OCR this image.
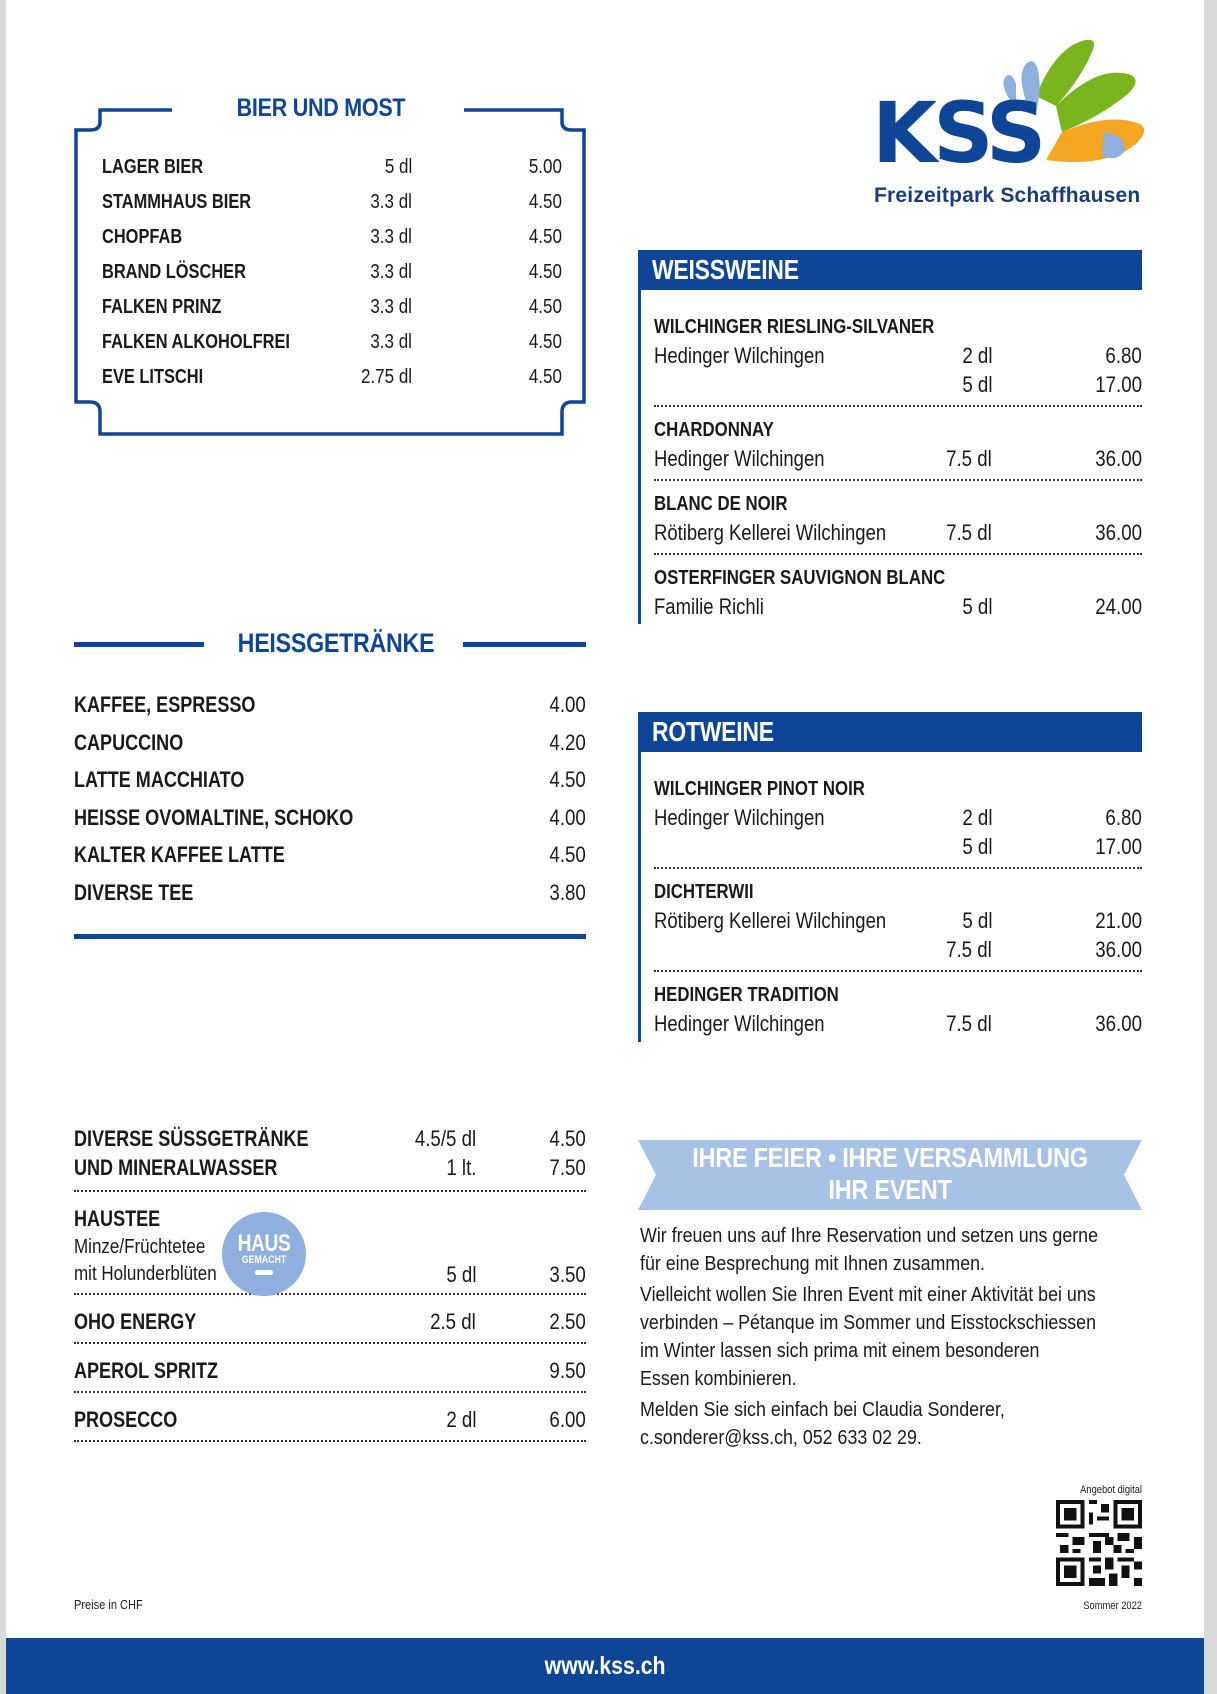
BIER UND MOST
LAGER BIER	5 dl	5.00
STAMMHAUS BIER	3.3 dl	4.50
CHOPFAB	3.3 dl	4.50
BRAND LÖSCHER	3.3 dl	4.50
FALKEN PRINZ	3.3 dl	4.50
FALKEN ALKOHOLFREI	3.3 dl	4.50
EVE LITSCHI	2.75 dl	4.50
HEISSGETRÄNKE
KAFFEE, ESPRESSO	4.00
CAPUCCINO	4.20
LATTE MACCHIATO	4.50
HEISSE OVOMALTINE, SCHOKO	4.00
KALTER KAFFEE LATTE	4.50
DIVERSE TEE	3.80
DIVERSE SÜSSGETRÄNKE	4.5/5 dl	4.50
UND MINERALWASSER	1 lt.	7.50
HAUSTEE
Minze/Früchtetee
mit Holunderblüten	5 dl	3.50
OHO ENERGY	2.5 dl	2.50
APEROL SPRITZ	9.50
PROSECCO	2 dl	6.00
HAUS
GEMACHT
KSS
Freizeitpark Schaffhausen
WEISSWEINE
WILCHINGER RIESLING-SILVANER
Hedinger Wilchingen	2 dl	6.80
5 dl	17.00
CHARDONNAY
Hedinger Wilchingen	7.5 dl	36.00
BLANC DE NOIR
Rötiberg Kellerei Wilchingen	7.5 dl	36.00
OSTERFINGER SAUVIGNON BLANC
Familie Richli	5 dl	24.00
ROTWEINE
WILCHINGER PINOT NOIR
Hedinger Wilchingen	2 dl	6.80
5 dl	17.00
DICHTERWII
Rötiberg Kellerei Wilchingen	5 dl	21.00
7.5 dl	36.00
HEDINGER TRADITION
Hedinger Wilchingen	7.5 dl	36.00
IHRE FEIER • IHRE VERSAMMLUNG
IHR EVENT

Wir freuen uns auf Ihre Reservation und setzen uns gerne
für eine Besprechung mit Ihnen zusammen.

Vielleicht wollen Sie Ihren Event mit einer Aktivität bei uns
verbinden – Pétanque im Sommer und Eisstockschiessen
im Winter lassen sich prima mit einem besonderen
Essen kombinieren.

Melden Sie sich einfach bei Claudia Sonderer,
c.sonderer@kss.ch, 052 633 02 29.

Angebot digital
Sommer 2022
Preise in CHF
www.kss.ch
